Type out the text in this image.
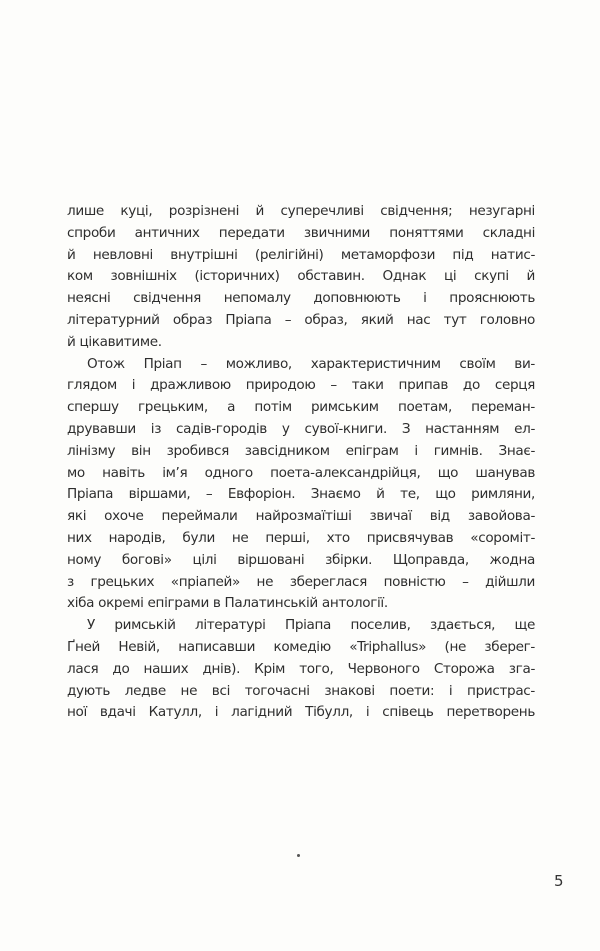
лише куці, розрізнені й суперечливі свідчення; незугарні
спроби античних передати звичними поняттями складні
й невловні внутрішні (релігійні) метаморфози під натис-
ком зовнішніх (історичних) обставин. Однак ці скупі й
неясні свідчення непомалу доповнюють і прояснюють
літературний образ Пріапа – образ, який нас тут головно
й цікавитиме.
Отож Пріап – можливо, характеристичним своїм ви-
глядом і дражливою природою – таки припав до серця
спершу грецьким, а потім римським поетам, переман-
друвавши із садів-городів у сувої-книги. З настанням ел-
лінізму він зробився завсідником епіграм і гимнів. Знає-
мо навіть ім’я одного поета-александрійця, що шанував
Пріапа віршами, – Евфоріон. Знаємо й те, що римляни,
які охоче переймали найрозмаїтіші звичаї від завойова-
них народів, були не перші, хто присвячував «сороміт-
ному богові» цілі віршовані збірки. Щоправда, жодна
з грецьких «пріапей» не збереглася повністю – дійшли
хіба окремі епіграми в Палатинській антології.
У римській літературі Пріапа поселив, здається, ще
Ґней Невій, написавши комедію «Triphallus» (не зберег-
лася до наших днів). Крім того, Червоного Сторожа зга-
дують ледве не всі тогочасні знакові поети: і пристрас-
ної вдачі Катулл, і лагідний Тібулл, і співець перетворень
5
